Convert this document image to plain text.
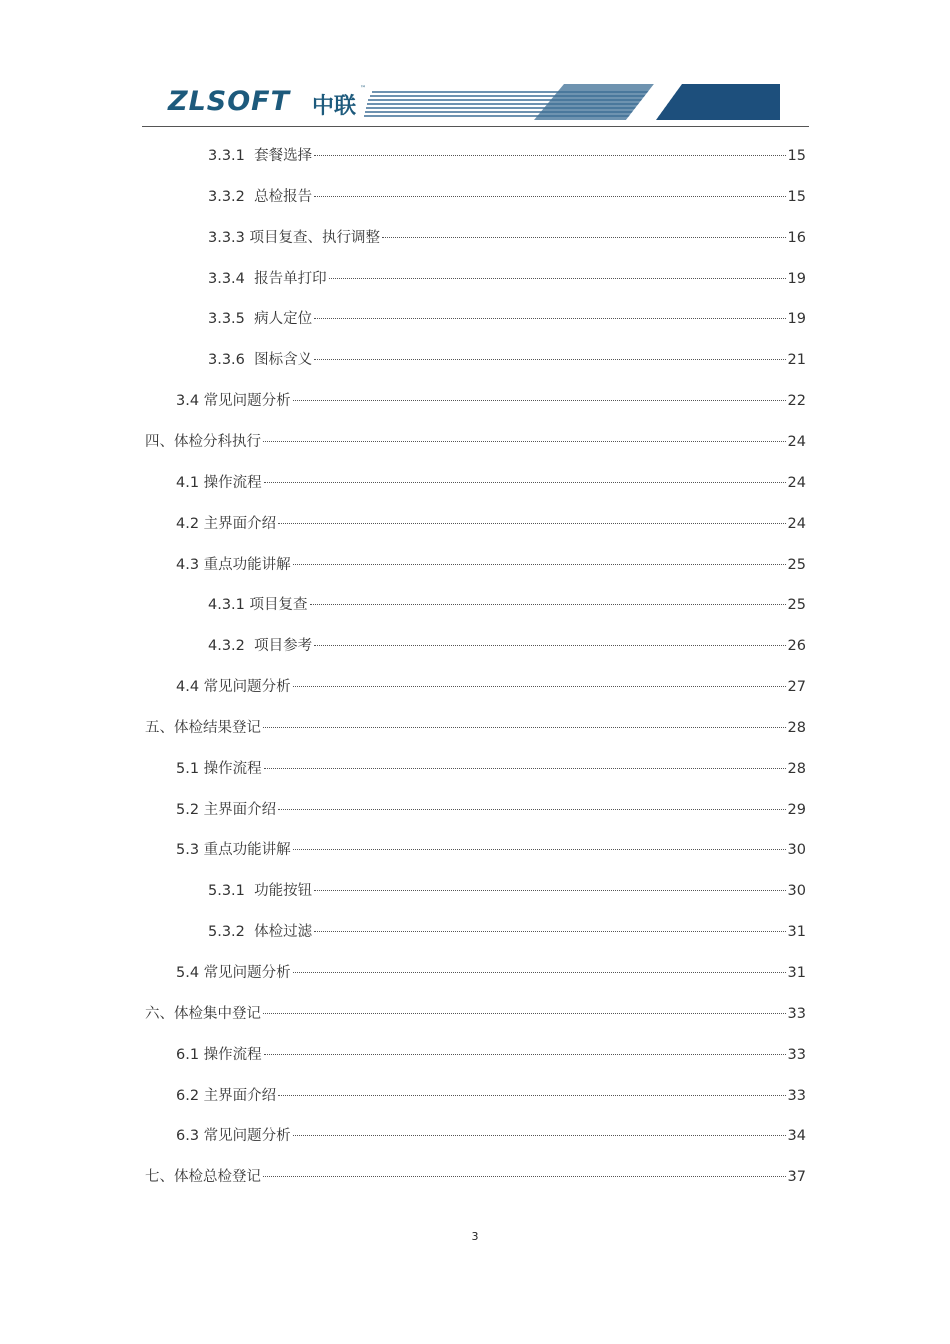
ZLSOFT 中联
™
3.3.1  套餐选择	15
3.3.2  总检报告	15
3.3.3 项目复查、执行调整	16
3.3.4  报告单打印	19
3.3.5  病人定位	19
3.3.6  图标含义	21
3.4 常见问题分析	22
四、体检分科执行	24
4.1 操作流程	24
4.2 主界面介绍	24
4.3 重点功能讲解	25
4.3.1 项目复查	25
4.3.2  项目参考	26
4.4 常见问题分析	27
五、体检结果登记	28
5.1 操作流程	28
5.2 主界面介绍	29
5.3 重点功能讲解	30
5.3.1  功能按钮	30
5.3.2  体检过滤	31
5.4 常见问题分析	31
六、体检集中登记	33
6.1 操作流程	33
6.2 主界面介绍	33
6.3 常见问题分析	34
七、体检总检登记	37
3
